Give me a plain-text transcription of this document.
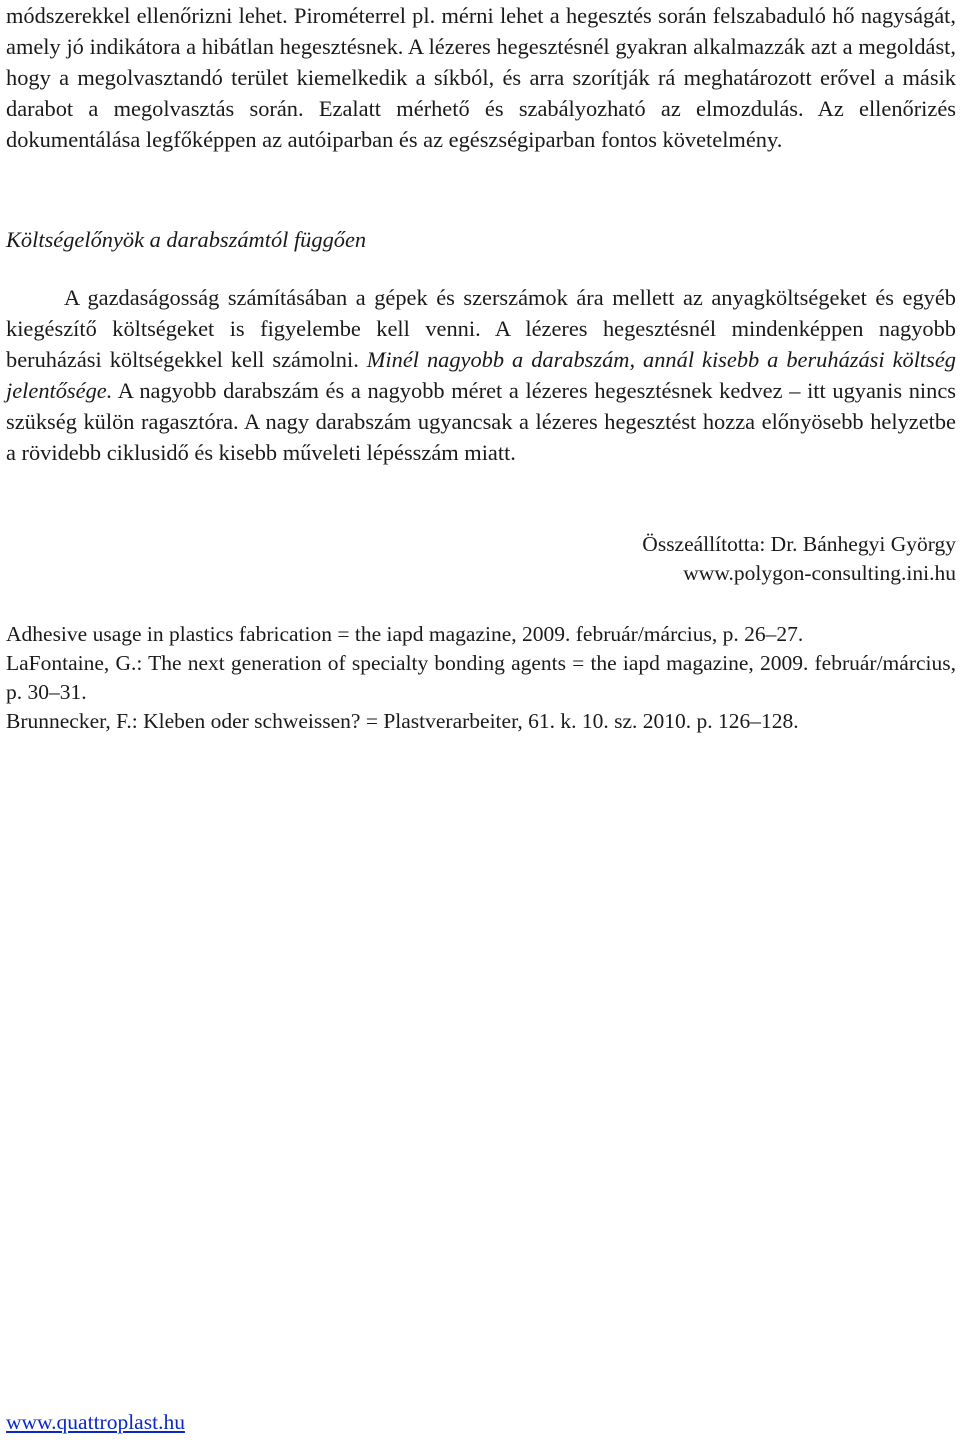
módszerekkel ellenőrizni lehet. Pirométerrel pl. mérni lehet a hegesztés során felszabaduló hő nagyságát, amely jó indikátora a hibátlan hegesztésnek. A lézeres hegesztésnél gyakran alkalmazzák azt a megoldást, hogy a megolvasztandó terület kiemelkedik a síkból, és arra szorítják rá meghatározott erővel a másik darabot a megolvasztás során. Ezalatt mérhető és szabályozható az elmozdulás. Az ellenőrizés dokumentálása legfőképpen az autóiparban és az egészségiparban fontos követelmény.

Költségelőnyök a darabszámtól függően

A gazdaságosság számításában a gépek és szerszámok ára mellett az anyagköltségeket és egyéb kiegészítő költségeket is figyelembe kell venni. A lézeres hegesztésnél mindenképpen nagyobb beruházási költségekkel kell számolni. Minél nagyobb a darabszám, annál kisebb a beruházási költség jelentősége. A nagyobb darabszám és a nagyobb méret a lézeres hegesztésnek kedvez – itt ugyanis nincs szükség külön ragasztóra. A nagy darabszám ugyancsak a lézeres hegesztést hozza előnyösebb helyzetbe a rövidebb ciklusidő és kisebb műveleti lépésszám miatt.

Összeállította: Dr. Bánhegyi György
www.polygon-consulting.ini.hu

Adhesive usage in plastics fabrication = the iapd magazine, 2009. február/március, p. 26–27.

LaFontaine, G.: The next generation of specialty bonding agents = the iapd magazine, 2009. február/március, p. 30–31.

Brunnecker, F.: Kleben oder schweissen? = Plastverarbeiter, 61. k. 10. sz. 2010. p. 126–128.

www.quattroplast.hu
